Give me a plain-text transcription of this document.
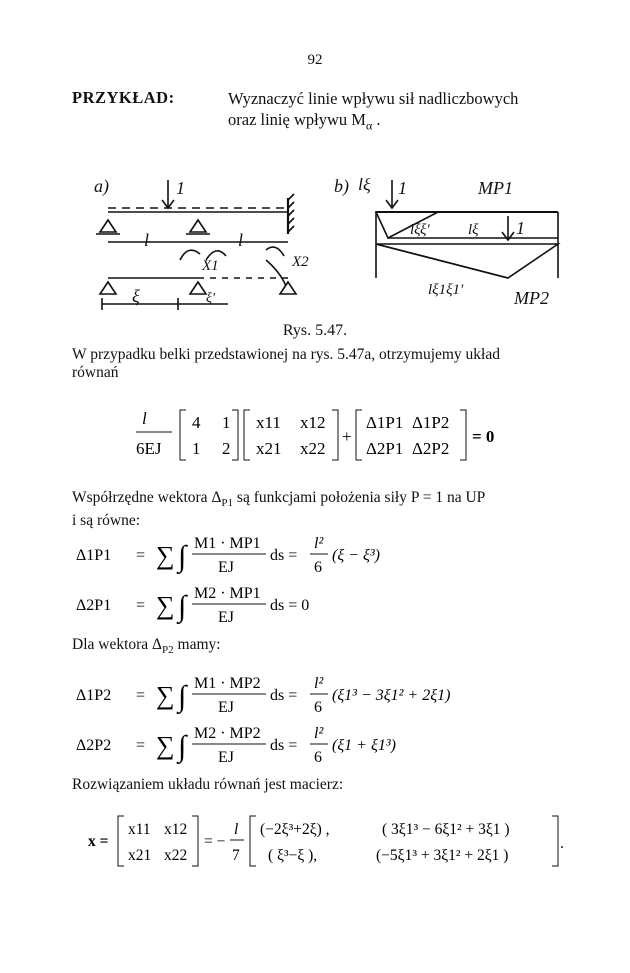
92
PRZYKŁAD:	Wyznaczyć linie wpływu sił nadliczbowych
oraz linię wpływu $M_\alpha$ .
a)	1
l	l
X1	X2
ξ	ξ'
b) lξ 1	MP1
lξξ'	lξ 1
lξ1ξ1'	MP2
Rys. 5.47.
W przypadku belki przedstawionej na rys. 5.47a, otrzymujemy układ
równań
l
6EJ
4 1
1 2
x11 x12
x21 x22
+
Δ1P1 Δ1P2
Δ2P1 Δ2P2
= 0
Współrzędne wektora $\Delta_{P1}$ są funkcjami położenia siły P = 1 na UP
i są równe:
Δ1P1 = ∑ ∫ M1 · MP1
EJ
ds =
l²
6
(ξ − ξ³)
Δ2P1 = ∑ ∫ M2 · MP1
EJ
ds = 0
Dla wektora $\Delta_{P2}$ mamy:
Δ1P2 = ∑ ∫ M1 · MP2
EJ
ds =
l²
6
(ξ1³ − 3ξ1² + 2ξ1)
Δ2P2 = ∑ ∫ M2 · MP2
EJ
ds =
l²
6
(ξ1 + ξ1³)
Rozwiązaniem układu równań jest macierz:
x =
x11 x12
x21 x22
= −
l
7
(−2ξ³+2ξ) ,	( 3ξ1³ − 6ξ1² + 3ξ1 )
( ξ³−ξ ),	(−5ξ1³ + 3ξ1² + 2ξ1 )
.
